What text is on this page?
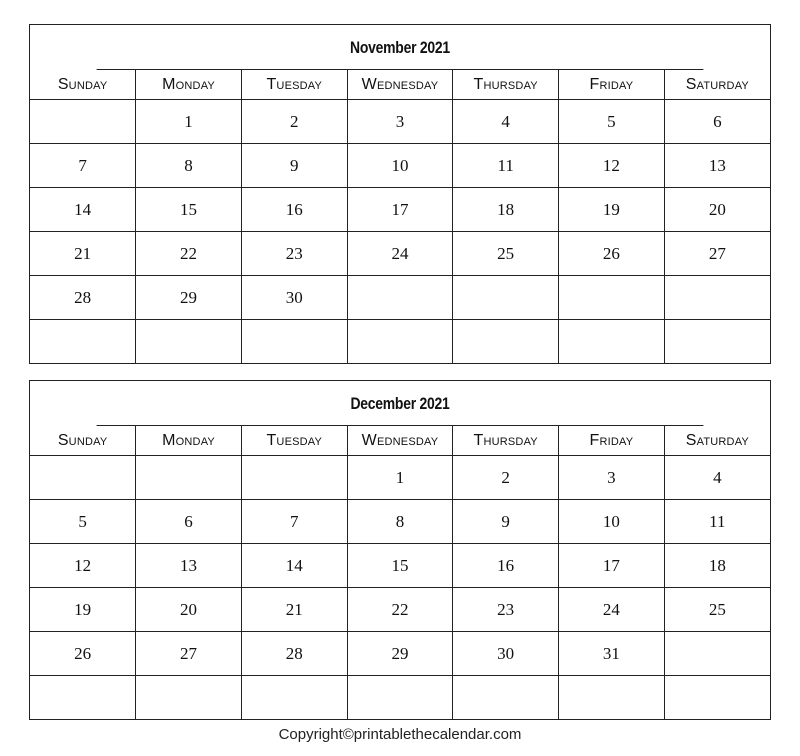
November 2021
Sunday	Monday	Tuesday	Wednesday	Thursday	Friday	Saturday
	1	2	3	4	5	6
7	8	9	10	11	12	13
14	15	16	17	18	19	20
21	22	23	24	25	26	27
28	29	30				

December 2021
Sunday	Monday	Tuesday	Wednesday	Thursday	Friday	Saturday
			1	2	3	4
5	6	7	8	9	10	11
12	13	14	15	16	17	18
19	20	21	22	23	24	25
26	27	28	29	30	31	

Copyright©printablethecalendar.com
